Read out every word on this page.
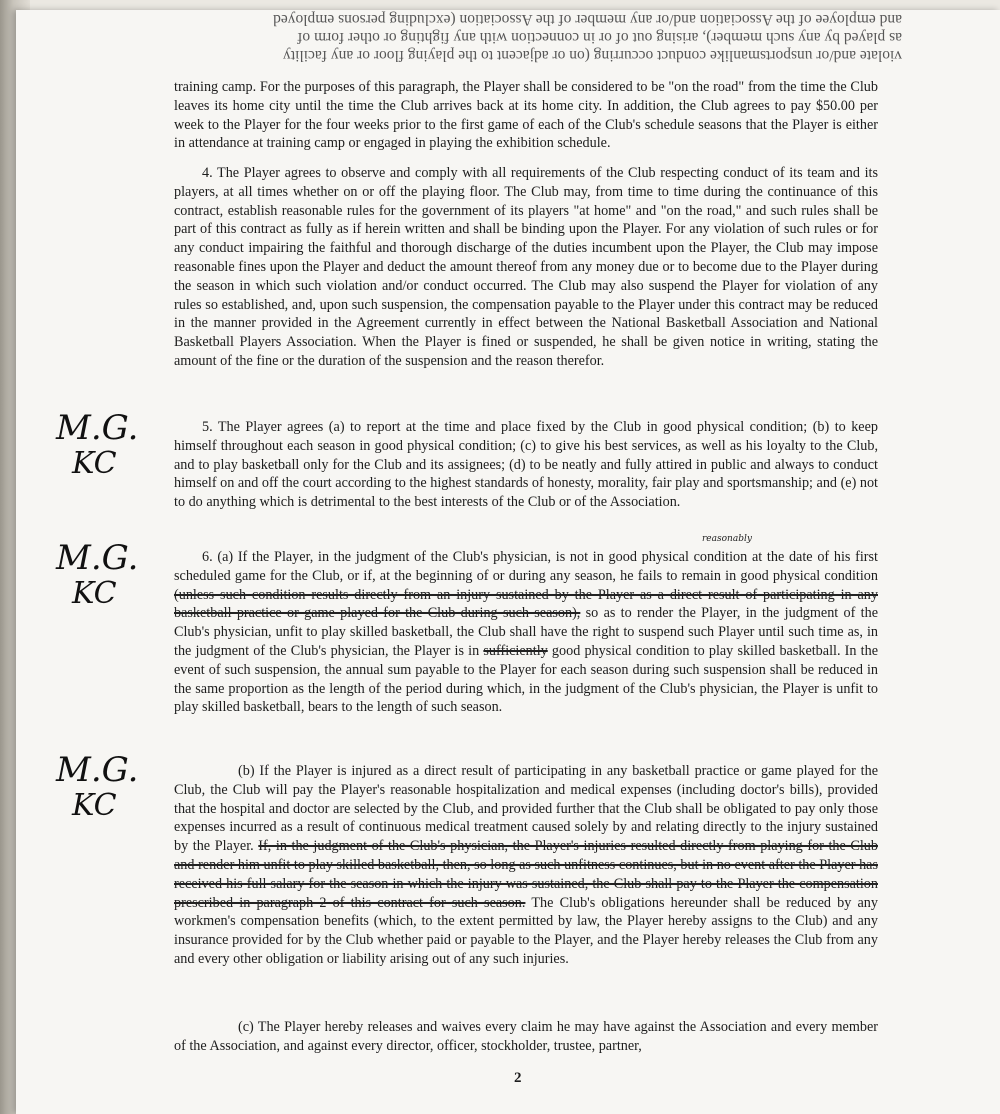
violate and/or unsportsmanlike conduct occurring (on or adjacent to the playing floor or any facility
as played by any such member), arising out of or in connection with any fighting or other form of
and employee of the Association and/or any member of the Association (excluding persons employed

training camp. For the purposes of this paragraph, the Player shall be considered to be "on the road" from the time the Club leaves its home city until the time the Club arrives back at its home city. In addition, the Club agrees to pay $50.00 per week to the Player for the four weeks prior to the first game of each of the Club's schedule seasons that the Player is either in attendance at training camp or engaged in playing the exhibition schedule.

4. The Player agrees to observe and comply with all requirements of the Club respecting conduct of its team and its players, at all times whether on or off the playing floor. The Club may, from time to time during the continuance of this contract, establish reasonable rules for the government of its players "at home" and "on the road," and such rules shall be part of this contract as fully as if herein written and shall be binding upon the Player. For any violation of such rules or for any conduct impairing the faithful and thorough discharge of the duties incumbent upon the Player, the Club may impose reasonable fines upon the Player and deduct the amount thereof from any money due or to become due to the Player during the season in which such violation and/or conduct occurred. The Club may also suspend the Player for violation of any rules so established, and, upon such suspension, the compensation payable to the Player under this contract may be reduced in the manner provided in the Agreement currently in effect between the National Basketball Association and National Basketball Players Association. When the Player is fined or suspended, he shall be given notice in writing, stating the amount of the fine or the duration of the suspension and the reason therefor.

M.G.
KC

5. The Player agrees (a) to report at the time and place fixed by the Club in good physical condition; (b) to keep himself throughout each season in good physical condition; (c) to give his best services, as well as his loyalty to the Club, and to play basketball only for the Club and its assignees; (d) to be neatly and fully attired in public and always to conduct himself on and off the court according to the highest standards of honesty, morality, fair play and sportsmanship; and (e) not to do anything which is detrimental to the best interests of the Club or of the Association.

M.G.
KC
reasonably

6. (a) If the Player, in the judgment of the Club's physician, is not in good physical condition at the date of his first scheduled game for the Club, or if, at the beginning of or during any season, he fails to remain in good physical condition (unless such condition results directly from an injury sustained by the Player as a direct result of participating in any basketball practice or game played for the Club during such season), so as to render the Player, in the judgment of the Club's physician, unfit to play skilled basketball, the Club shall have the right to suspend such Player until such time as, in the judgment of the Club's physician, the Player is in sufficiently good physical condition to play skilled basketball. In the event of such suspension, the annual sum payable to the Player for each season during such suspension shall be reduced in the same proportion as the length of the period during which, in the judgment of the Club's physician, the Player is unfit to play skilled basketball, bears to the length of such season.

M.G.
KC

(b) If the Player is injured as a direct result of participating in any basketball practice or game played for the Club, the Club will pay the Player's reasonable hospitalization and medical expenses (including doctor's bills), provided that the hospital and doctor are selected by the Club, and provided further that the Club shall be obligated to pay only those expenses incurred as a result of continuous medical treatment caused solely by and relating directly to the injury sustained by the Player. If, in the judgment of the Club's physician, the Player's injuries resulted directly from playing for the Club and render him unfit to play skilled basketball, then, so long as such unfitness continues, but in no event after the Player has received his full salary for the season in which the injury was sustained, the Club shall pay to the Player the compensation prescribed in paragraph 2 of this contract for such season. The Club's obligations hereunder shall be reduced by any workmen's compensation benefits (which, to the extent permitted by law, the Player hereby assigns to the Club) and any insurance provided for by the Club whether paid or payable to the Player, and the Player hereby releases the Club from any and every other obligation or liability arising out of any such injuries.

(c) The Player hereby releases and waives every claim he may have against the Association and every member of the Association, and against every director, officer, stockholder, trustee, partner,

2
